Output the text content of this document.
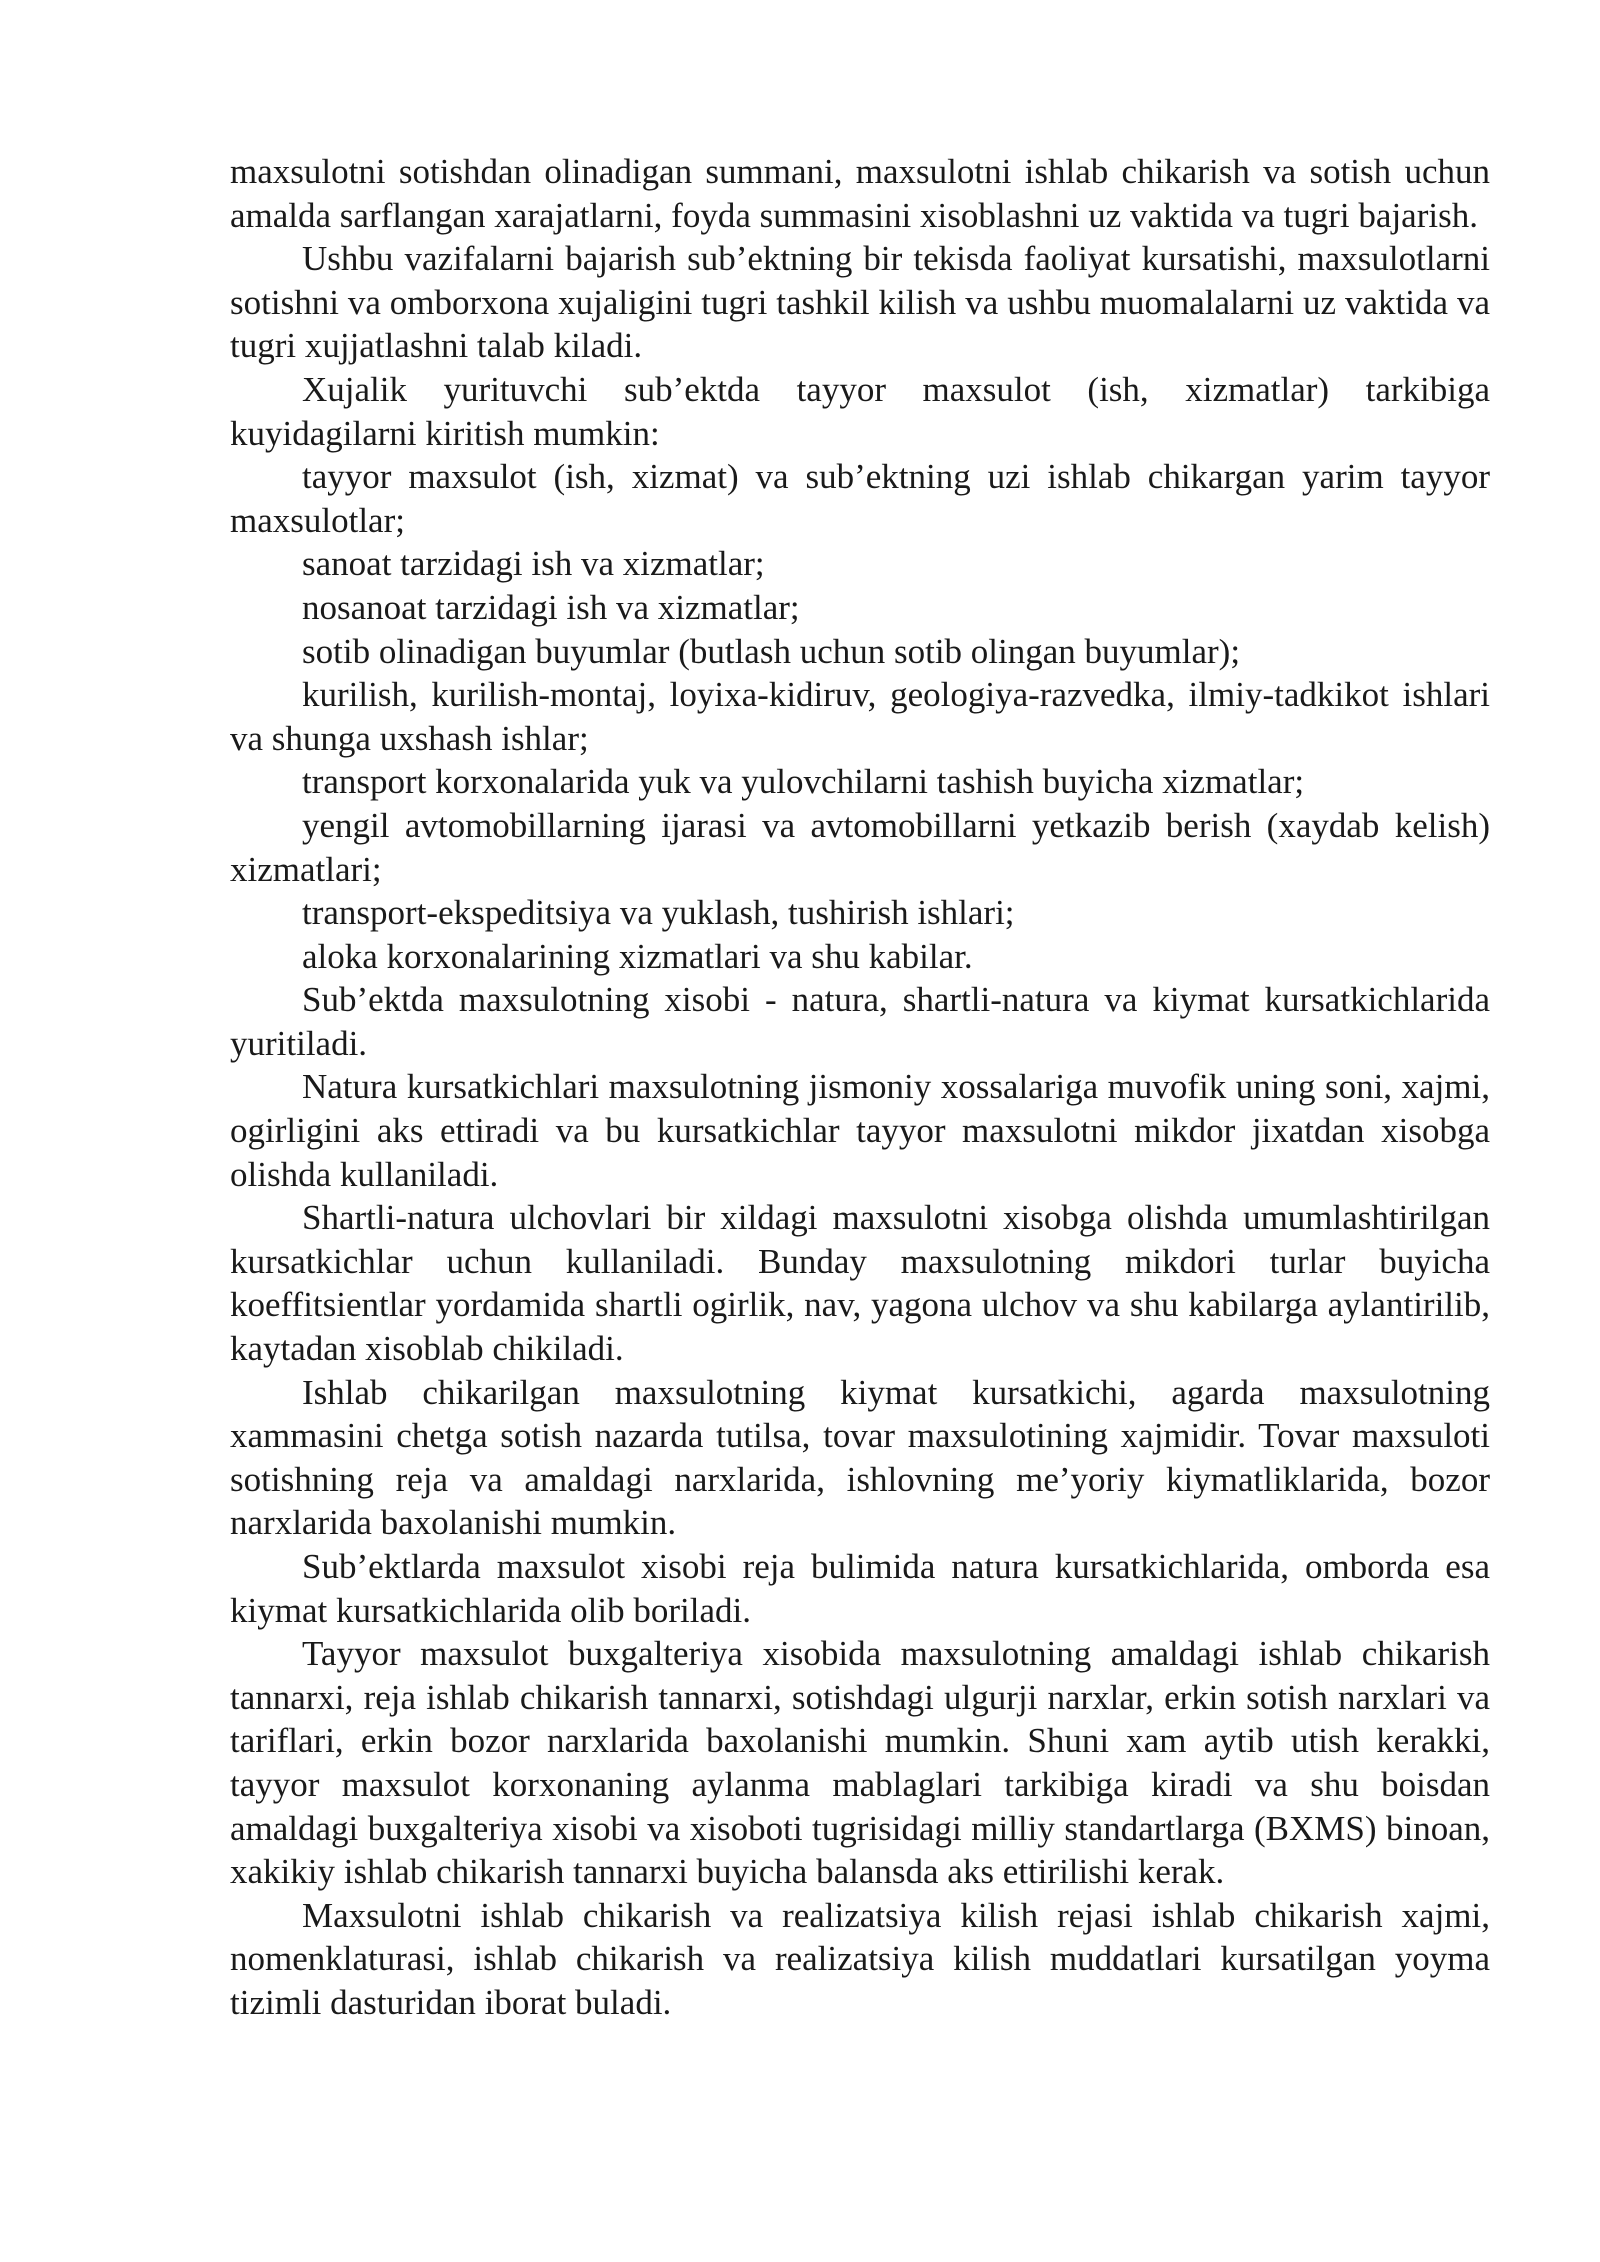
maxsulotni sotishdan olinadigan summani, maxsulotni ishlab chikarish va sotish uchun amalda sarflangan xarajatlarni, foyda summasini xisoblashni uz vaktida va tugri bajarish.

Ushbu vazifalarni bajarish sub’ektning bir tekisda faoliyat kursatishi, maxsulotlarni sotishni va omborxona xujaligini tugri tashkil kilish va ushbu muomalalarni uz vaktida va tugri xujjatlashni talab kiladi.

Xujalik yurituvchi sub’ektda tayyor maxsulot (ish, xizmatlar) tarkibiga kuyidagilarni kiritish mumkin:

tayyor maxsulot (ish, xizmat) va sub’ektning uzi ishlab chikargan yarim tayyor maxsulotlar;

sanoat tarzidagi ish va xizmatlar;

nosanoat tarzidagi ish va xizmatlar;

sotib olinadigan buyumlar (butlash uchun sotib olingan buyumlar);

kurilish, kurilish-montaj, loyixa-kidiruv, geologiya-razvedka, ilmiy-tadkikot ishlari va shunga uxshash ishlar;

transport korxonalarida yuk va yulovchilarni tashish buyicha xizmatlar;

yengil avtomobillarning ijarasi va avtomobillarni yetkazib berish (xaydab kelish) xizmatlari;

transport-ekspeditsiya va yuklash, tushirish ishlari;

aloka korxonalarining xizmatlari va shu kabilar.

Sub’ektda maxsulotning xisobi - natura, shartli-natura va kiymat kursatkichlarida yuritiladi.

Natura kursatkichlari maxsulotning jismoniy xossalariga muvofik uning soni, xajmi, ogirligini aks ettiradi va bu kursatkichlar tayyor maxsulotni mikdor jixatdan xisobga olishda kullaniladi.

Shartli-natura ulchovlari bir xildagi maxsulotni xisobga olishda umumlashtirilgan kursatkichlar uchun kullaniladi. Bunday maxsulotning mikdori turlar buyicha koeffitsientlar yordamida shartli ogirlik, nav, yagona ulchov va shu kabilarga aylantirilib, kaytadan xisoblab chikiladi.

Ishlab chikarilgan maxsulotning kiymat kursatkichi, agarda maxsulotning xammasini chetga sotish nazarda tutilsa, tovar maxsulotining xajmidir. Tovar maxsuloti sotishning reja va amaldagi narxlarida, ishlovning me’yoriy kiymatliklarida, bozor narxlarida baxolanishi mumkin.

Sub’ektlarda maxsulot xisobi reja bulimida natura kursatkichlarida, omborda esa kiymat kursatkichlarida olib boriladi.

Tayyor maxsulot buxgalteriya xisobida maxsulotning amaldagi ishlab chikarish tannarxi, reja ishlab chikarish tannarxi, sotishdagi ulgurji narxlar, erkin sotish narxlari va tariflari, erkin bozor narxlarida baxolanishi mumkin. Shuni xam aytib utish kerakki, tayyor maxsulot korxonaning aylanma mablaglari tarkibiga kiradi va shu boisdan amaldagi buxgalteriya xisobi va xisoboti tugrisidagi milliy standartlarga (BXMS) binoan, xakikiy ishlab chikarish tannarxi buyicha balansda aks ettirilishi kerak.

Maxsulotni ishlab chikarish va realizatsiya kilish rejasi ishlab chikarish xajmi, nomenklaturasi, ishlab chikarish va realizatsiya kilish muddatlari kursatilgan yoyma tizimli dasturidan iborat buladi.
